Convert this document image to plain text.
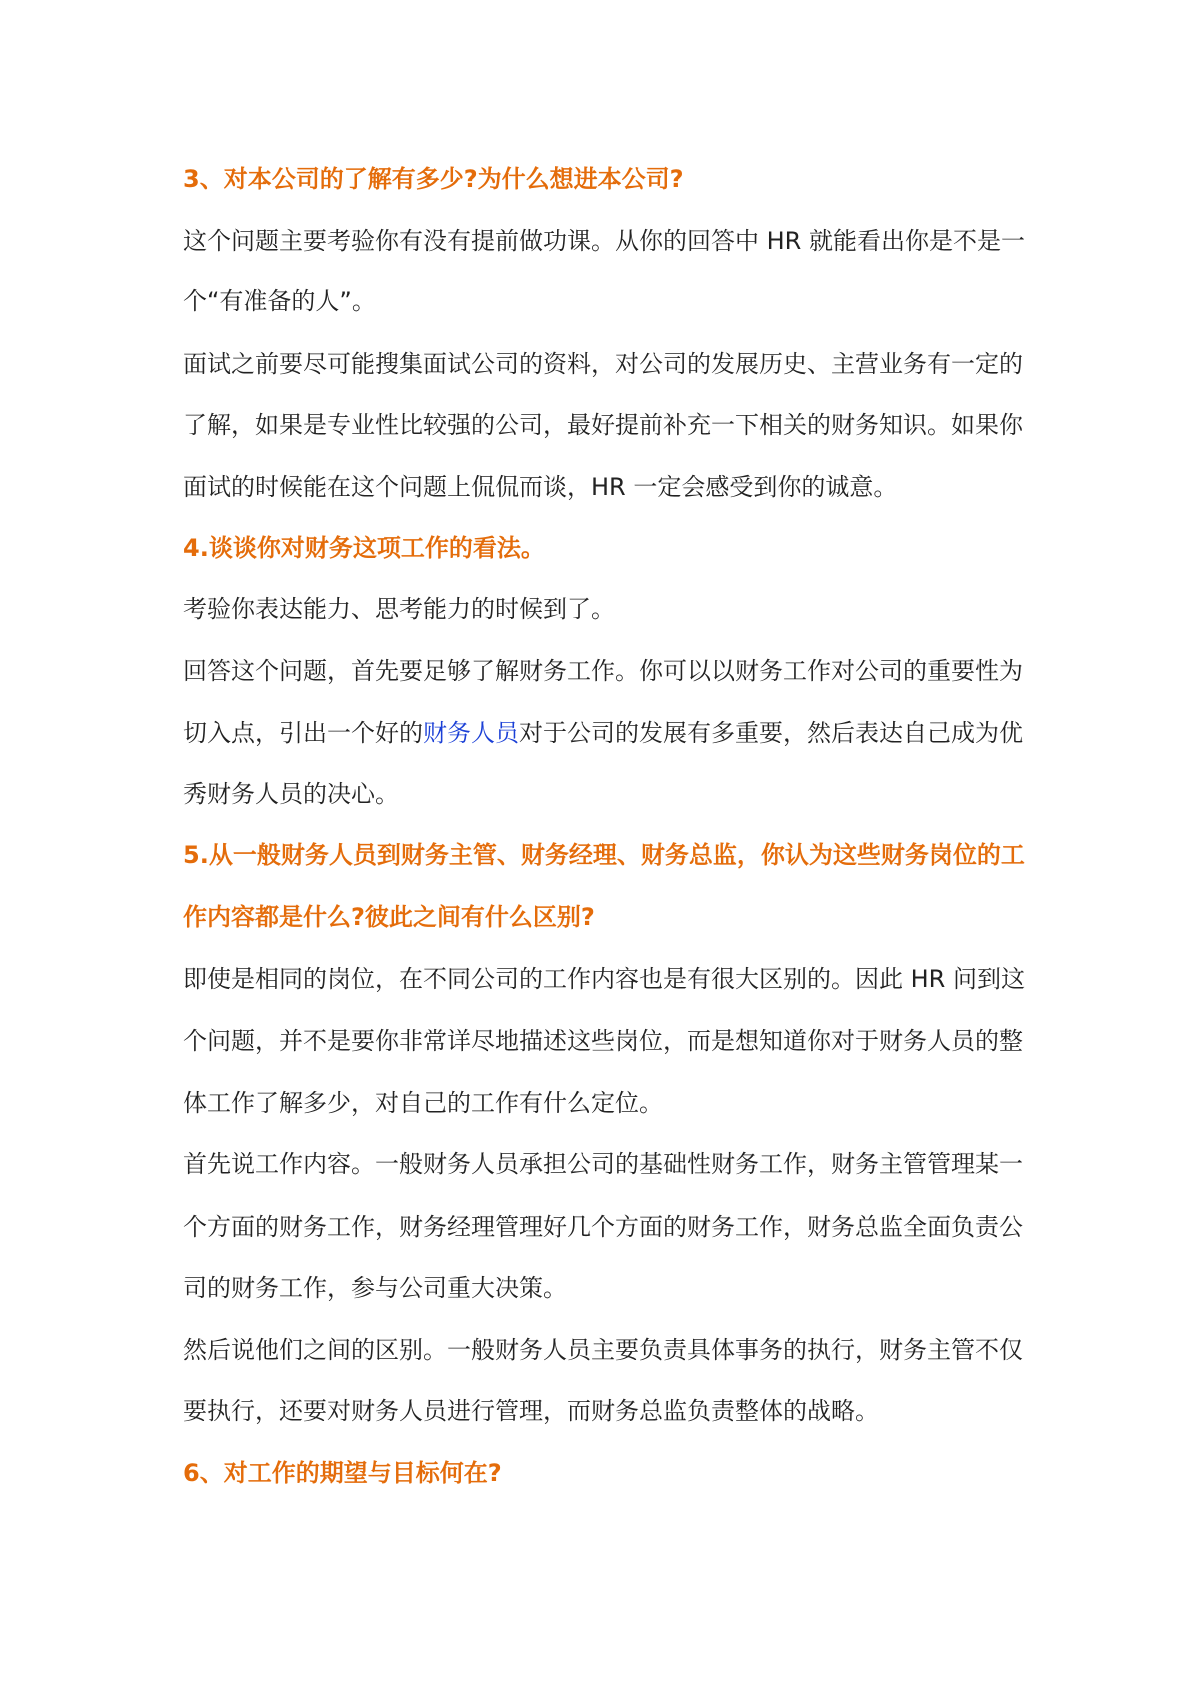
3、对本公司的了解有多少?为什么想进本公司?
这个问题主要考验你有没有提前做功课。从你的回答中 HR 就能看出你是不是一
个“有准备的人”。
面试之前要尽可能搜集面试公司的资料，对公司的发展历史、主营业务有一定的
了解，如果是专业性比较强的公司，最好提前补充一下相关的财务知识。如果你
面试的时候能在这个问题上侃侃而谈，HR 一定会感受到你的诚意。
4.谈谈你对财务这项工作的看法。
考验你表达能力、思考能力的时候到了。
回答这个问题，首先要足够了解财务工作。你可以以财务工作对公司的重要性为
切入点，引出一个好的财务人员对于公司的发展有多重要，然后表达自己成为优
秀财务人员的决心。
5.从一般财务人员到财务主管、财务经理、财务总监，你认为这些财务岗位的工
作内容都是什么?彼此之间有什么区别?
即使是相同的岗位，在不同公司的工作内容也是有很大区别的。因此 HR 问到这
个问题，并不是要你非常详尽地描述这些岗位，而是想知道你对于财务人员的整
体工作了解多少，对自己的工作有什么定位。
首先说工作内容。一般财务人员承担公司的基础性财务工作，财务主管管理某一
个方面的财务工作，财务经理管理好几个方面的财务工作，财务总监全面负责公
司的财务工作，参与公司重大决策。
然后说他们之间的区别。一般财务人员主要负责具体事务的执行，财务主管不仅
要执行，还要对财务人员进行管理，而财务总监负责整体的战略。
6、对工作的期望与目标何在?
